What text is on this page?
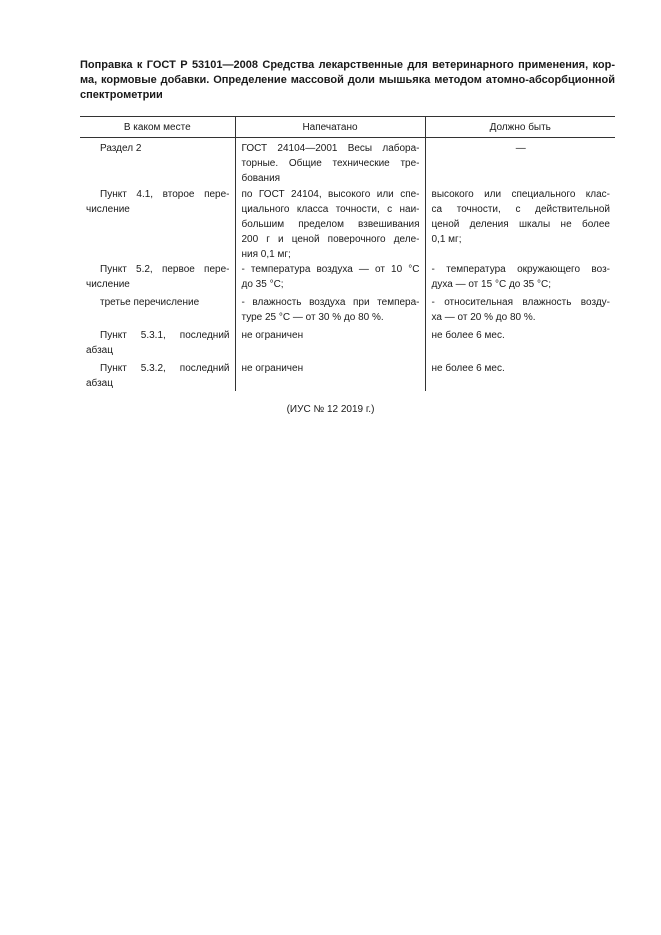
Поправка к ГОСТ Р 53101—2008 Средства лекарственные для ветеринарного применения, кор-
ма, кормовые добавки. Определение массовой доли мышьяка методом атомно-абсорбционной
спектрометрии
В каком месте	Напечатано	Должно быть

Раздел 2	ГОСТ 24104—2001 Весы лабора-
торные. Общие технические тре-
бования	—

Пункт 4.1, второе пере-
числение	по ГОСТ 24104, высокого или спе-
циального класса точности, с наи-
большим пределом взвешивания
200 г и ценой поверочного деле-
ния 0,1 мг;	высокого или специального клас-
са точности, с действительной
ценой деления шкалы не более
0,1 мг;

Пункт 5.2, первое пере-
числение	- температура воздуха — от 10 °С
до 35 °С;	- температура окружающего воз-
духа — от 15 °С до 35 °С;

третье перечисление	- влажность воздуха при темпера-
туре 25 °С — от 30 % до 80 %.	- относительная влажность возду-
ха — от 20 % до 80 %.

Пункт 5.3.1, последний
абзац	не ограничен	не более 6 мес.

Пункт 5.3.2, последний
абзац	не ограничен	не более 6 мес.
(ИУС № 12 2019 г.)
